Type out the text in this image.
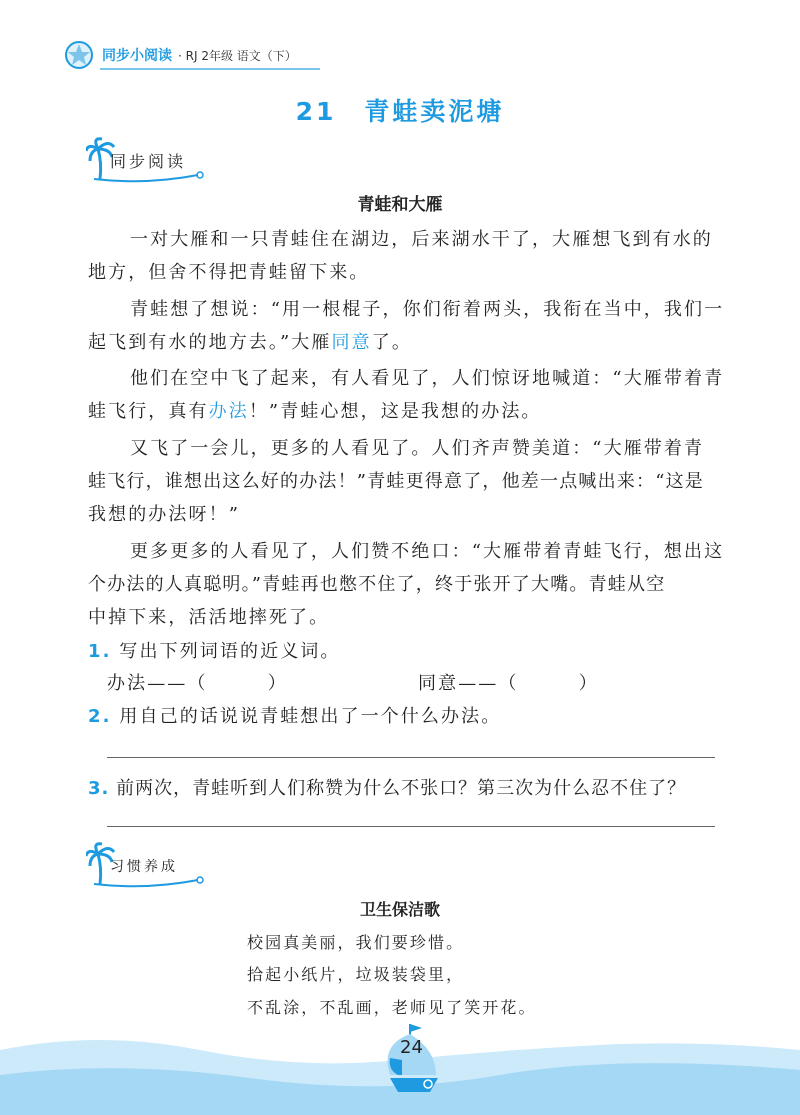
同步小阅读 · RJ 2年级 语文（下）
21　青蛙卖泥塘
同步阅读
青蛙和大雁
一对大雁和一只青蛙住在湖边，后来湖水干了，大雁想飞到有水的
地方，但舍不得把青蛙留下来。
青蛙想了想说：“用一根棍子，你们衔着两头，我衔在当中，我们一
起飞到有水的地方去。”大雁同意了。
他们在空中飞了起来，有人看见了，人们惊讶地喊道：“大雁带着青
蛙飞行，真有办法！”青蛙心想，这是我想的办法。
又飞了一会儿，更多的人看见了。人们齐声赞美道：“大雁带着青
蛙飞行，谁想出这么好的办法！”青蛙更得意了，他差一点喊出来：“这是
我想的办法呀！”
更多更多的人看见了，人们赞不绝口：“大雁带着青蛙飞行，想出这
个办法的人真聪明。”青蛙再也憋不住了，终于张开了大嘴。青蛙从空
中掉下来，活活地摔死了。
1. 写出下列词语的近义词。
办法——（　　　）	同意——（　　　）
2. 用自己的话说说青蛙想出了一个什么办法。
3. 前两次，青蛙听到人们称赞为什么不张口？第三次为什么忍不住了？
习惯养成
卫生保洁歌
校园真美丽，我们要珍惜。
拾起小纸片，垃圾装袋里，
不乱涂，不乱画，老师见了笑开花。
24
